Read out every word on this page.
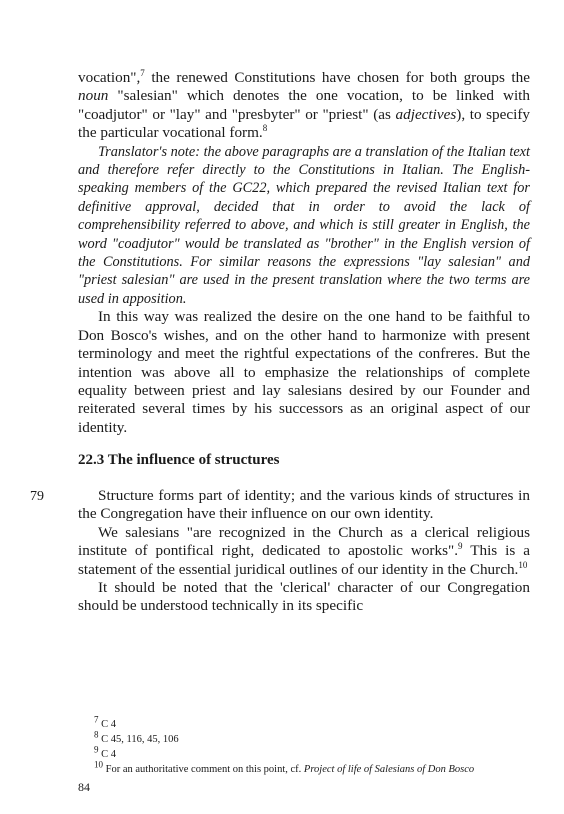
vocation",$^7$ the renewed Constitutions have chosen for both groups the noun "salesian" which denotes the one vocation, to be linked with "coadjutor" or "lay" and "presbyter" or "priest" (as adjectives), to specify the particular vocational form.$^8$

Translator's note: the above paragraphs are a translation of the Italian text and therefore refer directly to the Constitutions in Italian. The English-speaking members of the GC22, which prepared the revised Italian text for definitive approval, decided that in order to avoid the lack of comprehensibility referred to above, and which is still greater in English, the word "coadjutor" would be translated as "brother" in the English version of the Constitutions. For similar reasons the expressions "lay salesian" and "priest salesian" are used in the present translation where the two terms are used in apposition.

In this way was realized the desire on the one hand to be faithful to Don Bosco's wishes, and on the other hand to harmonize with present terminology and meet the rightful expectations of the confreres. But the intention was above all to emphasize the relationships of complete equality between priest and lay salesians desired by our Founder and reiterated several times by his successors as an original aspect of our identity.

22.3 The influence of structures
79	Structure forms part of identity; and the various kinds of structures in the Congregation have their influence on our own identity.

We salesians "are recognized in the Church as a clerical religious institute of pontifical right, dedicated to apostolic works".$^9$ This is a statement of the essential juridical outlines of our identity in the Church.$^{10}$

It should be noted that the 'clerical' character of our Congregation should be understood technically in its specific

$^7$ C 4
$^8$ C 45, 116, 45, 106
$^9$ C 4
$^{10}$ For an authoritative comment on this point, cf. Project of life of Salesians of Don Bosco
84
